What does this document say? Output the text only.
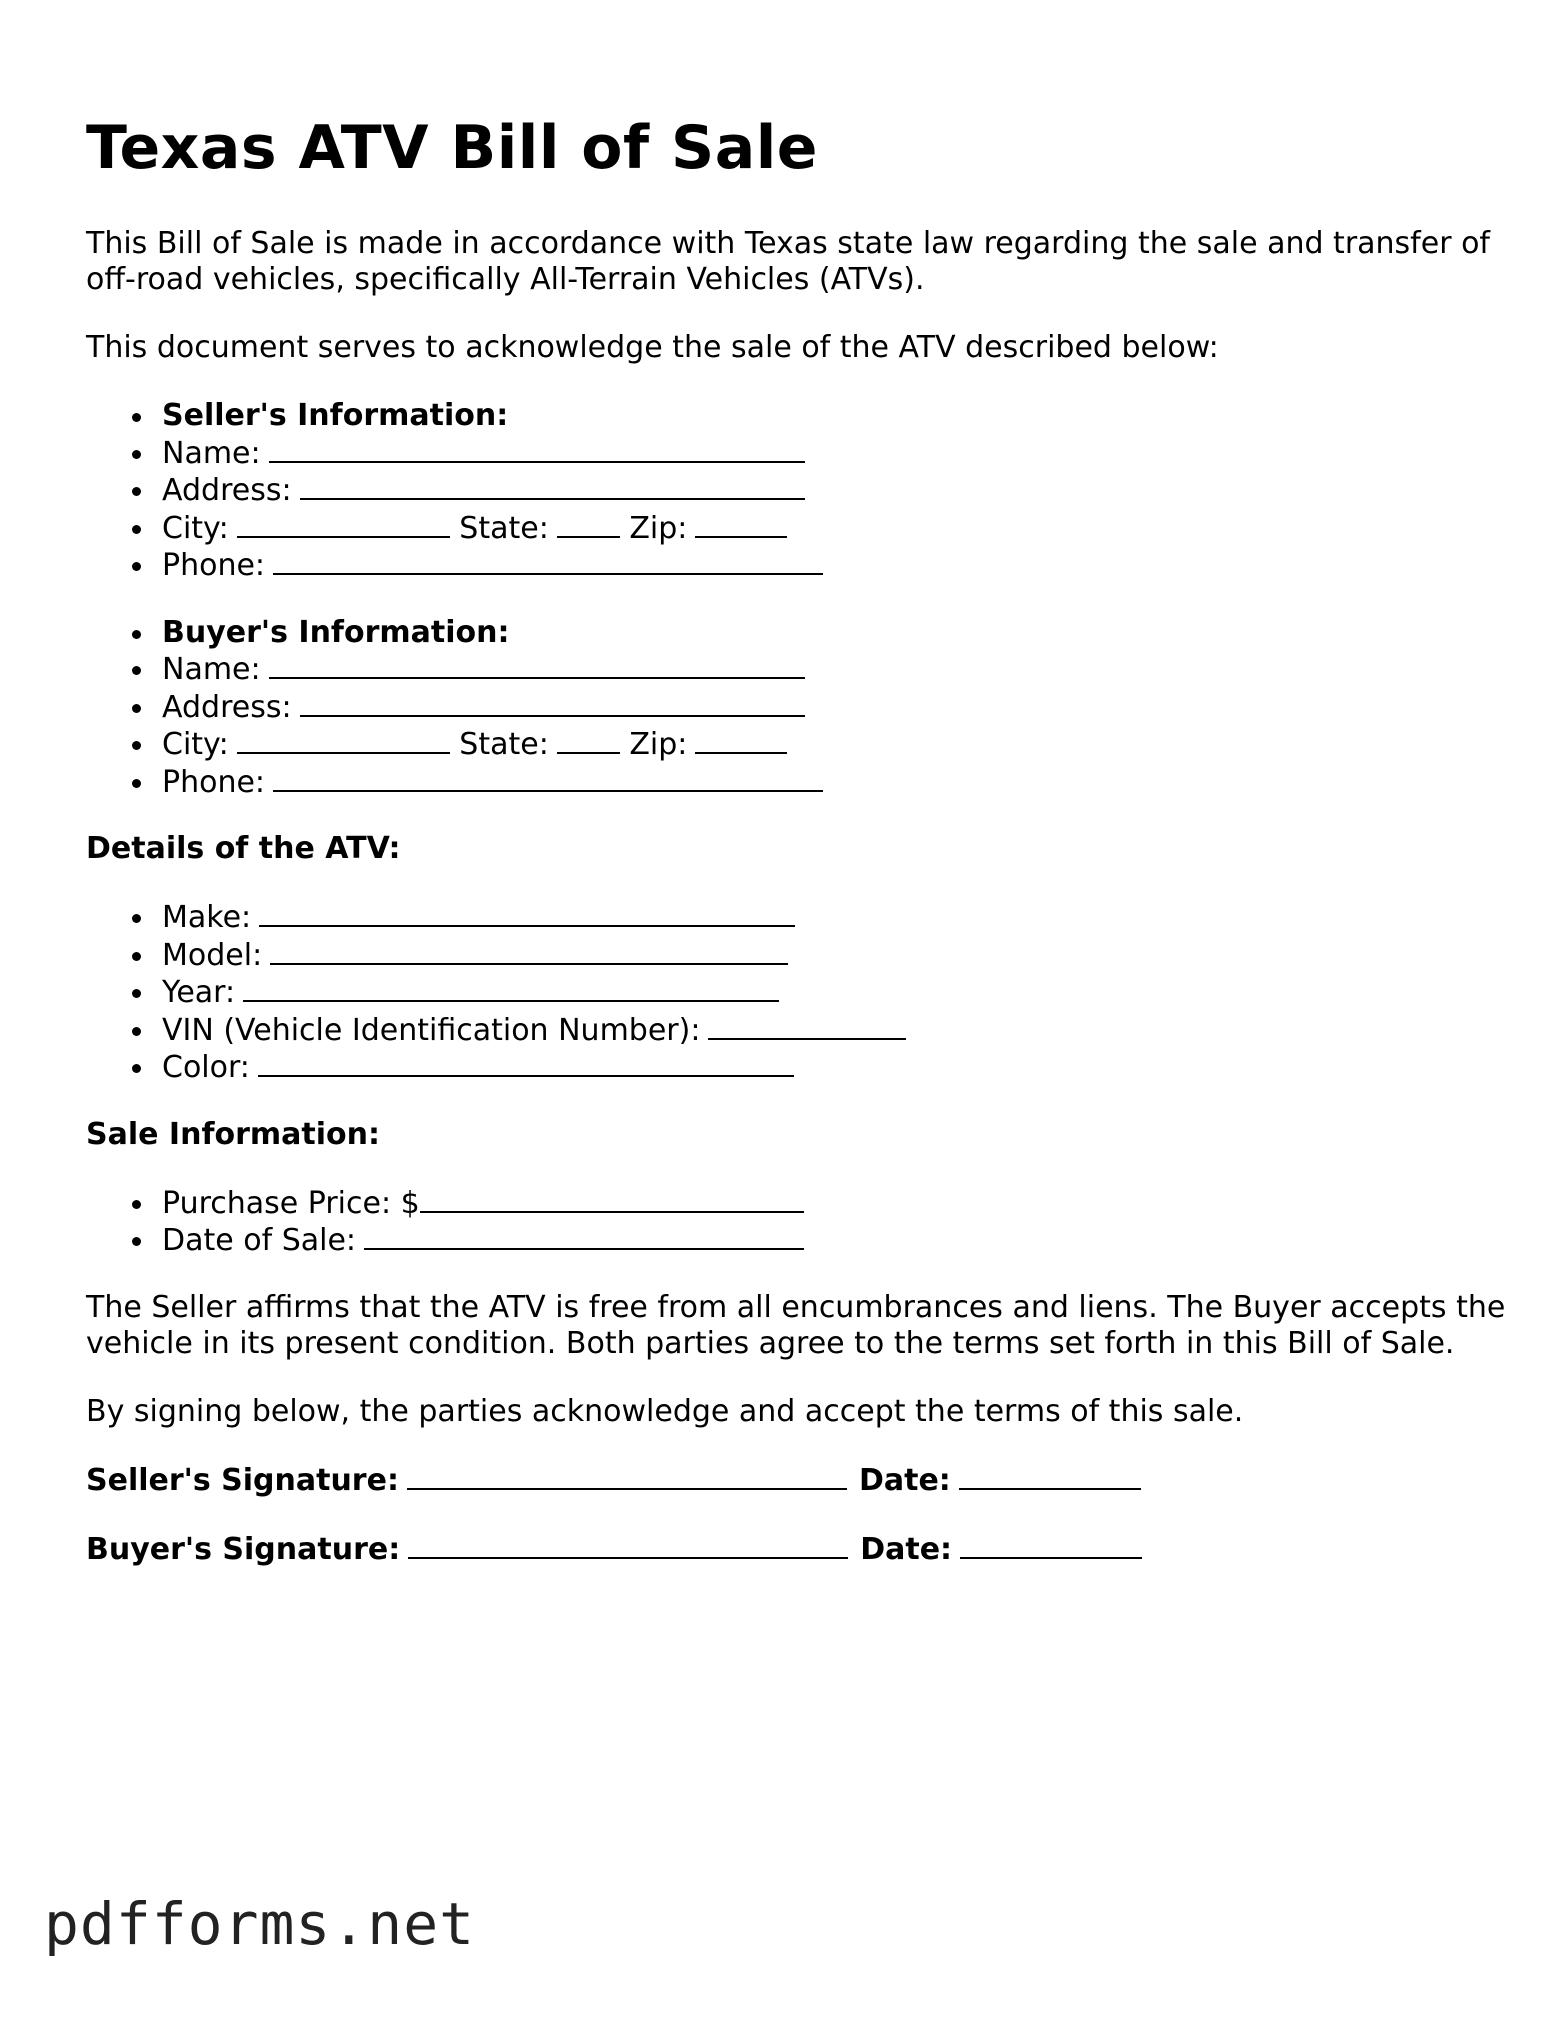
Texas ATV Bill of Sale

This Bill of Sale is made in accordance with Texas state law regarding the sale and transfer of off-road vehicles, specifically All-Terrain Vehicles (ATVs).

This document serves to acknowledge the sale of the ATV described below:

Seller's Information:
Name:
Address:
City:	State:	Zip:
Phone:
Buyer's Information:
Name:
Address:
City:	State:	Zip:
Phone:
Details of the ATV:
Make:
Model:
Year:
VIN (Vehicle Identification Number):
Color:
Sale Information:
Purchase Price: $
Date of Sale:

The Seller affirms that the ATV is free from all encumbrances and liens. The Buyer accepts the vehicle in its present condition. Both parties agree to the terms set forth in this Bill of Sale.

By signing below, the parties acknowledge and accept the terms of this sale.

Seller's Signature:	Date:
Buyer's Signature:	Date:
pdfforms.net
